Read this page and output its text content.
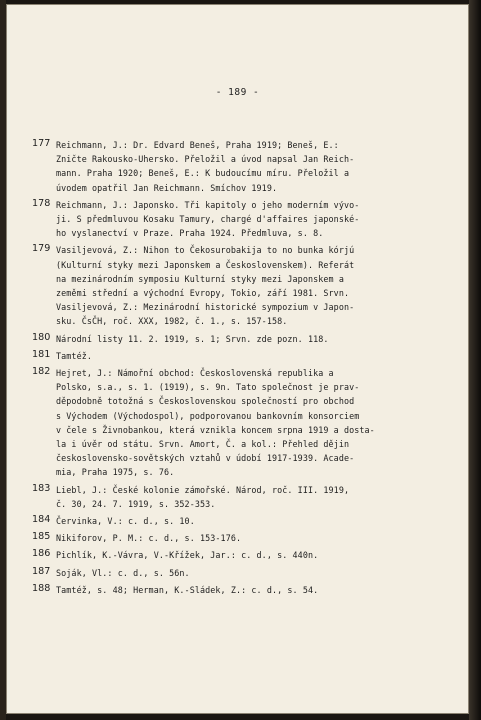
- 189 -
177 Reichmann, J.: Dr. Edvard Beneš, Praha 1919; Beneš, E.:
Zničte Rakousko-Uhersko. Přeložil a úvod napsal Jan Reich-
mann. Praha 1920; Beneš, E.: K budoucímu míru. Přeložil a
úvodem opatřil Jan Reichmann. Smíchov 1919.
178 Reichmann, J.: Japonsko. Tři kapitoly o jeho moderním vývo-
ji. S předmluvou Kosaku Tamury, chargé d'affaires japonské-
ho vyslanectví v Praze. Praha 1924. Předmluva, s. 8.
179 Vasiljevová, Z.: Nihon to Čekosurobakija to no bunka kórjú
(Kulturní styky mezi Japonskem a Československem). Referát
na mezinárodním symposiu Kulturní styky mezi Japonskem a
zeměmi střední a východní Evropy, Tokio, září 1981. Srvn.
Vasiljevová, Z.: Mezinárodní historické sympozium v Japon-
sku. ČsČH, roč. XXX, 1982, č. 1., s. 157-158.
180 Národní listy 11. 2. 1919, s. 1; Srvn. zde pozn. 118.
181 Tamtéž.
182 Hejret, J.: Námořní obchod: Československá republika a
Polsko, s.a., s. 1. (1919), s. 9n. Tato společnost je prav-
děpodobně totožná s Československou společností pro obchod
s Východem (Východospol), podporovanou bankovním konsorciem
v čele s Živnobankou, která vznikla koncem srpna 1919 a dosta-
la i úvěr od státu. Srvn. Amort, Č. a kol.: Přehled dějin
československo-sovětských vztahů v údobí 1917-1939. Acade-
mia, Praha 1975, s. 76.
183 Liebl, J.: České kolonie zámořské. Národ, roč. III. 1919,
č. 30, 24. 7. 1919, s. 352-353.
184 Červinka, V.: c. d., s. 10.
185 Nikiforov, P. M.: c. d., s. 153-176.
186 Pichlík, K.-Vávra, V.-Křížek, Jar.: c. d., s. 440n.
187 Soják, Vl.: c. d., s. 56n.
188 Tamtéž, s. 48; Herman, K.-Sládek, Z.: c. d., s. 54.
